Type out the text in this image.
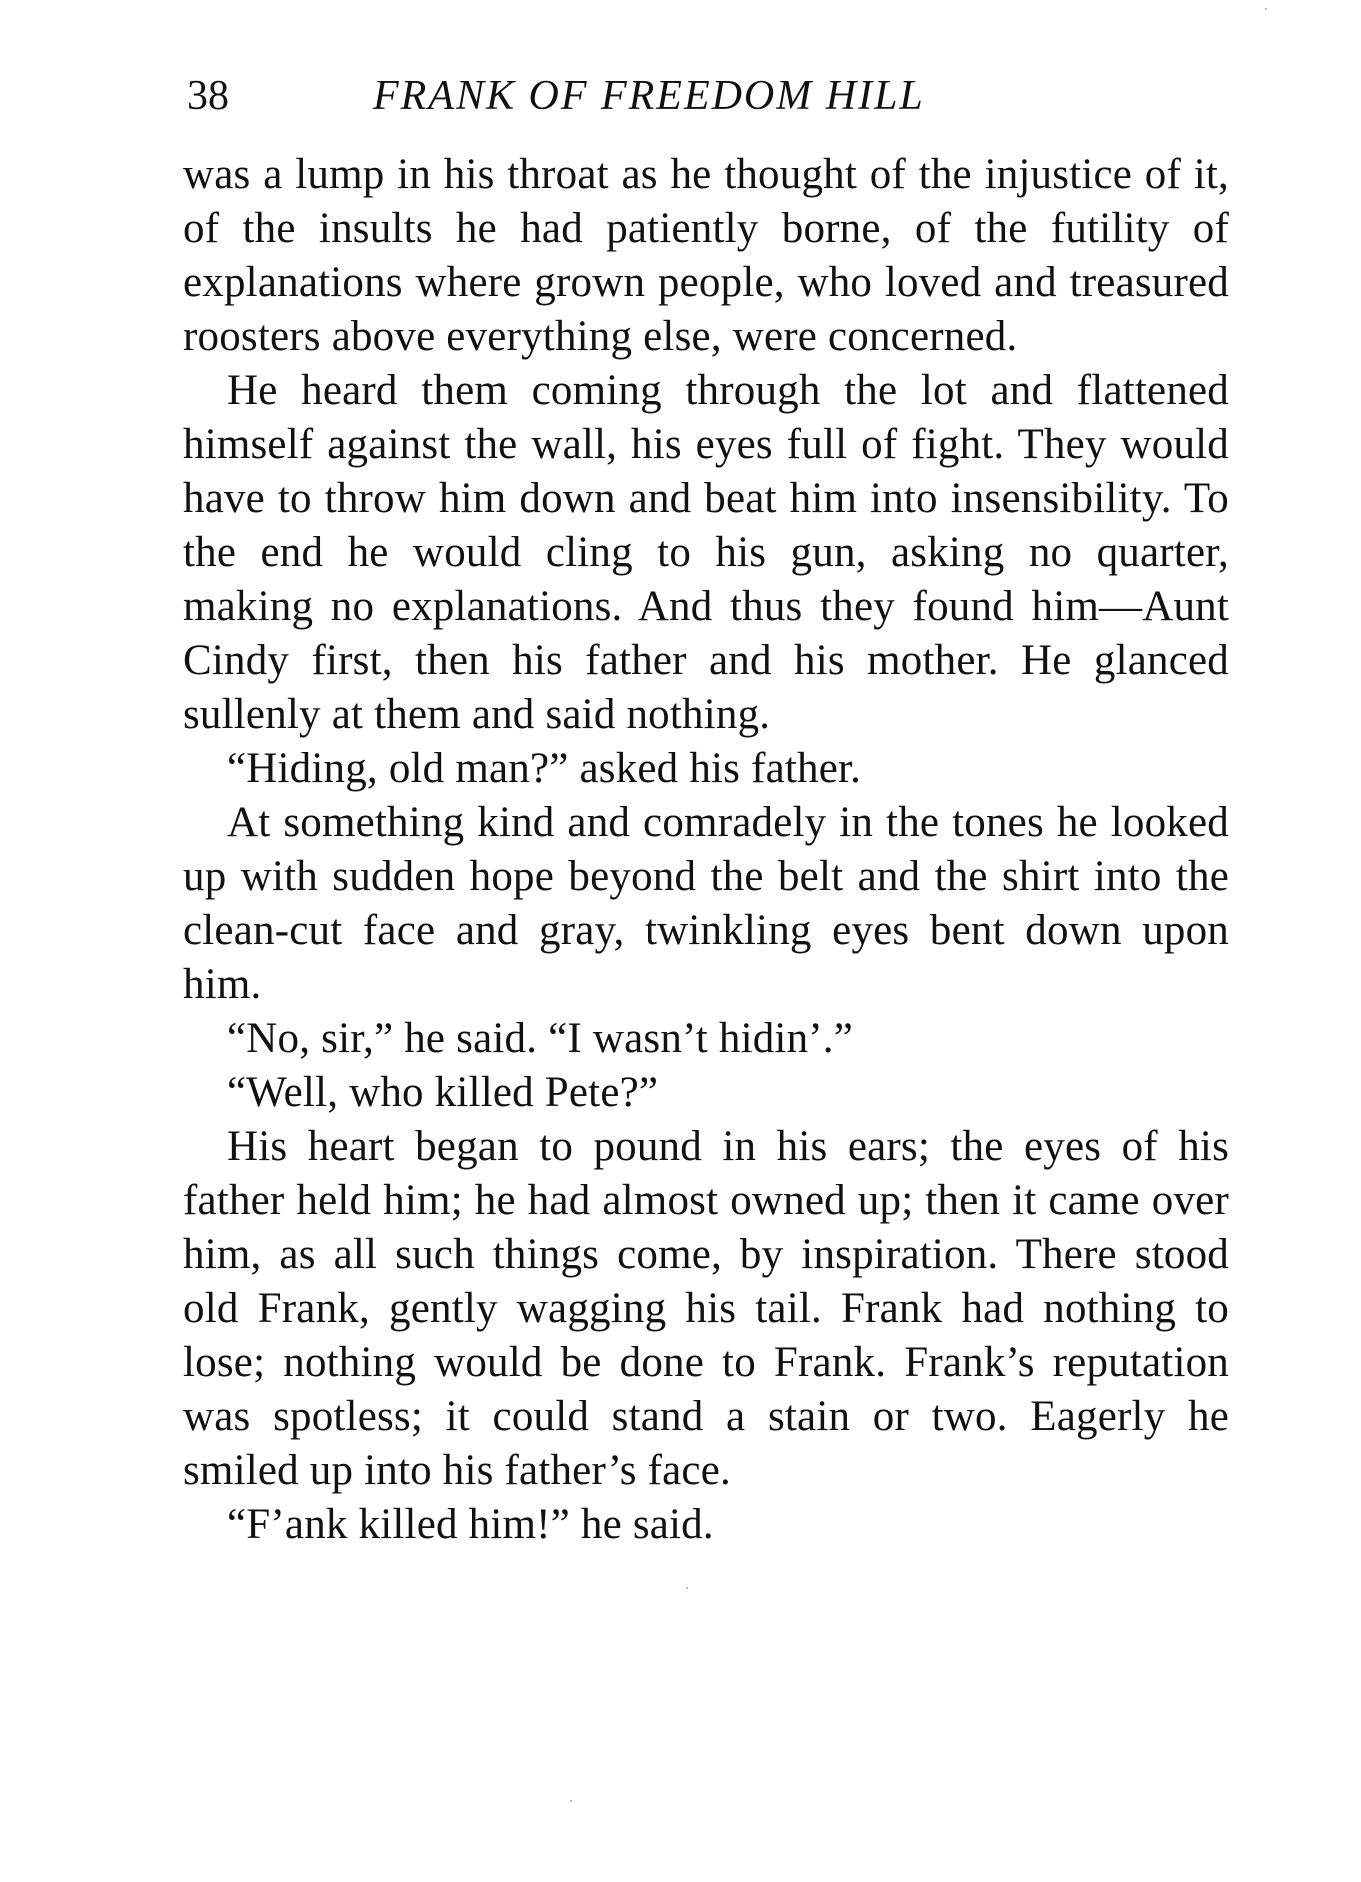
38	FRANK OF FREEDOM HILL

was a lump in his throat as he thought of the injustice of it, of the insults he had patiently borne, of the futility of explanations where grown people, who loved and treasured roosters above everything else, were concerned.

He heard them coming through the lot and flattened himself against the wall, his eyes full of fight. They would have to throw him down and beat him into insensibility. To the end he would cling to his gun, asking no quarter, making no explanations. And thus they found him—Aunt Cindy first, then his father and his mother. He glanced sullenly at them and said nothing.

“Hiding, old man?” asked his father.

At something kind and comradely in the tones he looked up with sudden hope beyond the belt and the shirt into the clean-cut face and gray, twinkling eyes bent down upon him.

“No, sir,” he said. “I wasn’t hidin’.”

“Well, who killed Pete?”

His heart began to pound in his ears; the eyes of his father held him; he had almost owned up; then it came over him, as all such things come, by inspiration. There stood old Frank, gently wagging his tail. Frank had nothing to lose; nothing would be done to Frank. Frank’s reputation was spotless; it could stand a stain or two. Eagerly he smiled up into his father’s face.

“F’ank killed him!” he said.
